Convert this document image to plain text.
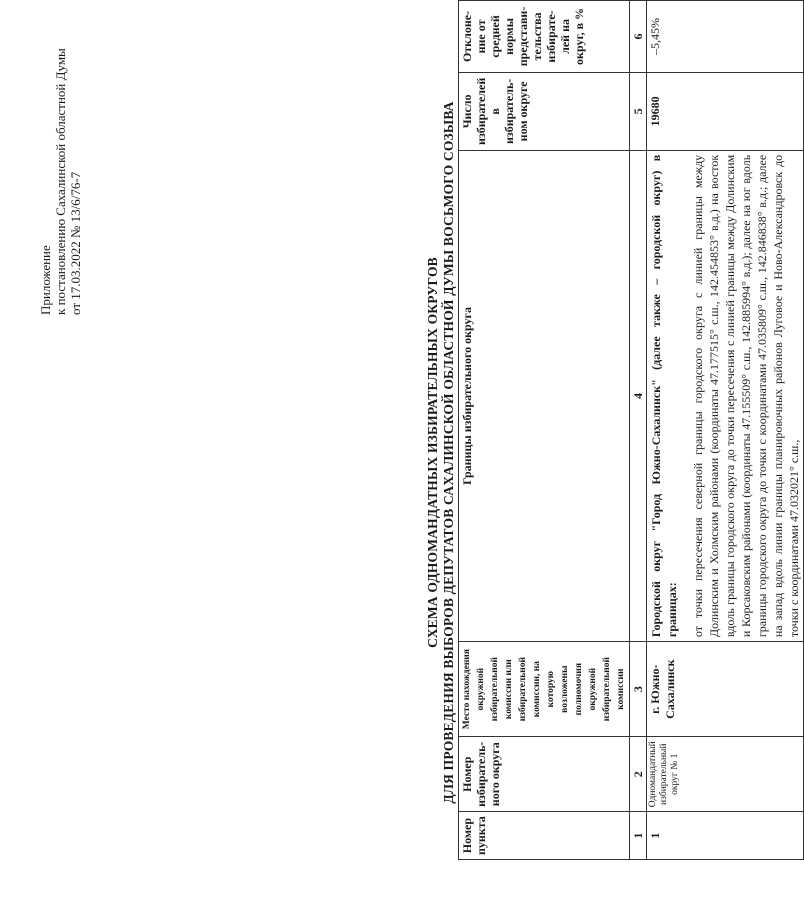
Приложение к постановлению Сахалинской областной Думы от 17.03.2022 № 13/6/76-7
СХЕМА ОДНОМАНДАТНЫХ ИЗБИРАТЕЛЬНЫХ ОКРУГОВ ДЛЯ ПРОВЕДЕНИЯ ВЫБОРОВ ДЕПУТАТОВ САХАЛИНСКОЙ ОБЛАСТНОЙ ДУМЫ ВОСЬМОГО СОЗЫВА
Номер пункта	Номер избиратель-ного округа	Место нахождения окружной избирательной комиссии или избирательной комиссии, на которую возложены полномочия окружной избирательной комиссии	Границы избирательного округа	Число избирателей в избиратель-ном округе	Отклоне-ние от средней нормы представи-тельства избирате-лей на округ, в %
1	2	3	4	5	6
1	Одномандатный избирательный округ № 1	г. Южно-Сахалинск	Городской округ "Город Южно-Сахалинск" (далее также – городской округ) в границах: от точки пересечения северной границы городского округа с линией границы между Долинским и Холмским районами (координаты 47.177515° с.ш., 142.454853° в.д.) на восток вдоль границы городского округа до точки пересечения с линией границы между Долинским и Корсаковским районами (координаты 47.155509° с.ш., 142.885994° в.д.); далее на юг вдоль границы городского округа до точки с координатами 47.035809° с.ш., 142.846838° в.д.; далее на запад вдоль линии границы планировочных районов Луговое и Ново-Александровск до точки с координатами 47.032021° с.ш.,	19680	–5,45%
